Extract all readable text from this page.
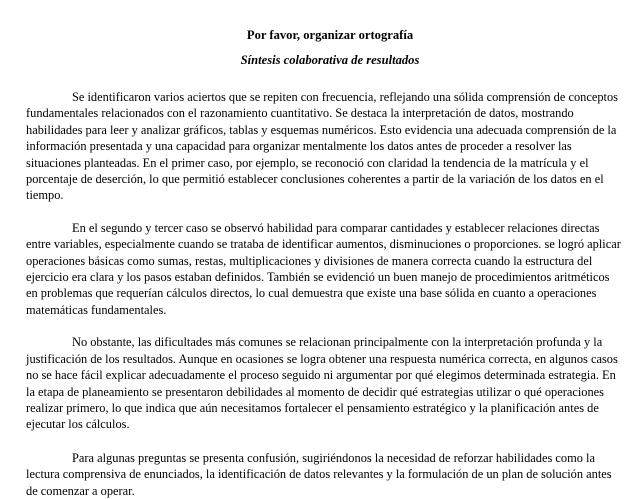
Por favor, organizar ortografía
Síntesis colaborativa de resultados

Se identificaron varios aciertos que se repiten con frecuencia, reflejando una sólida comprensión de conceptos fundamentales relacionados con el razonamiento cuantitativo. Se destaca la interpretación de datos, mostrando habilidades para leer y analizar gráficos, tablas y esquemas numéricos. Esto evidencia una adecuada comprensión de la información presentada y una capacidad para organizar mentalmente los datos antes de proceder a resolver las situaciones planteadas. En el primer caso, por ejemplo, se reconoció con claridad la tendencia de la matrícula y el porcentaje de deserción, lo que permitió establecer conclusiones coherentes a partir de la variación de los datos en el tiempo.

En el segundo y tercer caso se observó habilidad para comparar cantidades y establecer relaciones directas entre variables, especialmente cuando se trataba de identificar aumentos, disminuciones o proporciones. se logró aplicar operaciones básicas como sumas, restas, multiplicaciones y divisiones de manera correcta cuando la estructura del ejercicio era clara y los pasos estaban definidos. También se evidenció un buen manejo de procedimientos aritméticos en problemas que requerían cálculos directos, lo cual demuestra que existe una base sólida en cuanto a operaciones matemáticas fundamentales.

No obstante, las dificultades más comunes se relacionan principalmente con la interpretación profunda y la justificación de los resultados. Aunque en ocasiones se logra obtener una respuesta numérica correcta, en algunos casos no se hace fácil explicar adecuadamente el proceso seguido ni argumentar por qué elegimos determinada estrategia. En la etapa de planeamiento se presentaron debilidades al momento de decidir qué estrategias utilizar o qué operaciones realizar primero, lo que indica que aún necesitamos fortalecer el pensamiento estratégico y la planificación antes de ejecutar los cálculos.

Para algunas preguntas se presenta confusión, sugiriéndonos la necesidad de reforzar habilidades como la lectura comprensiva de enunciados, la identificación de datos relevantes y la formulación de un plan de solución antes de comenzar a operar.
